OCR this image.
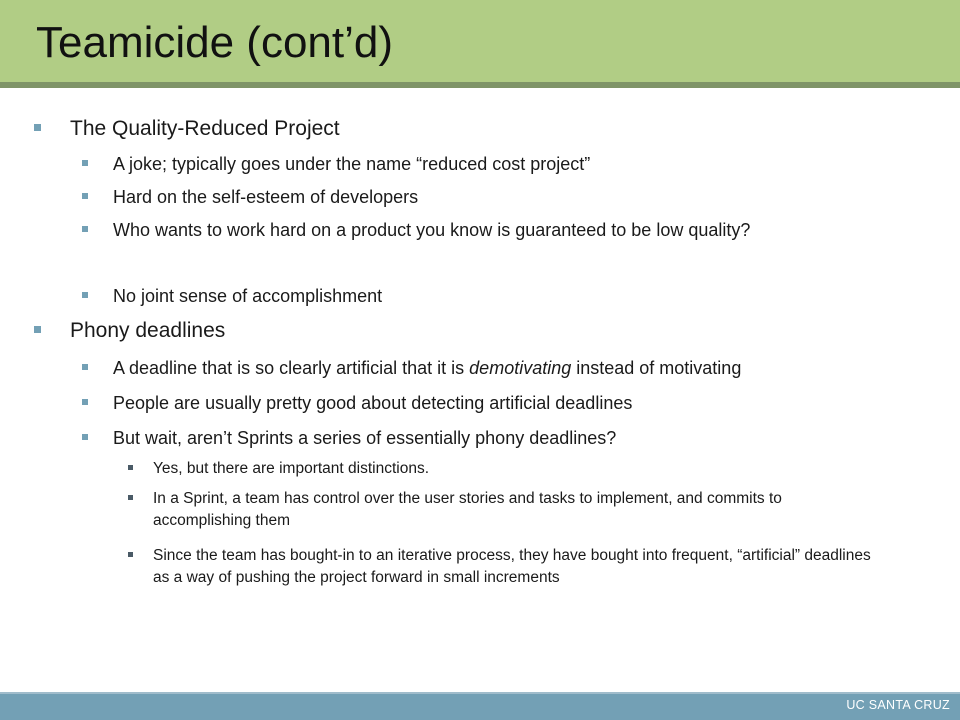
Teamicide (cont’d)
The Quality-Reduced Project
A joke; typically goes under the name “reduced cost project”
Hard on the self-esteem of developers
Who wants to work hard on a product you know is guaranteed to be low quality?
No joint sense of accomplishment
Phony deadlines
A deadline that is so clearly artificial that it is demotivating instead of motivating
People are usually pretty good about detecting artificial deadlines
But wait, aren’t Sprints a series of essentially phony deadlines?
Yes, but there are important distinctions.
In a Sprint, a team has control over the user stories and tasks to implement, and commits to accomplishing them
Since the team has bought-in to an iterative process, they have bought into frequent, “artificial” deadlines as a way of pushing the project forward in small increments
UC SANTA CRUZ
